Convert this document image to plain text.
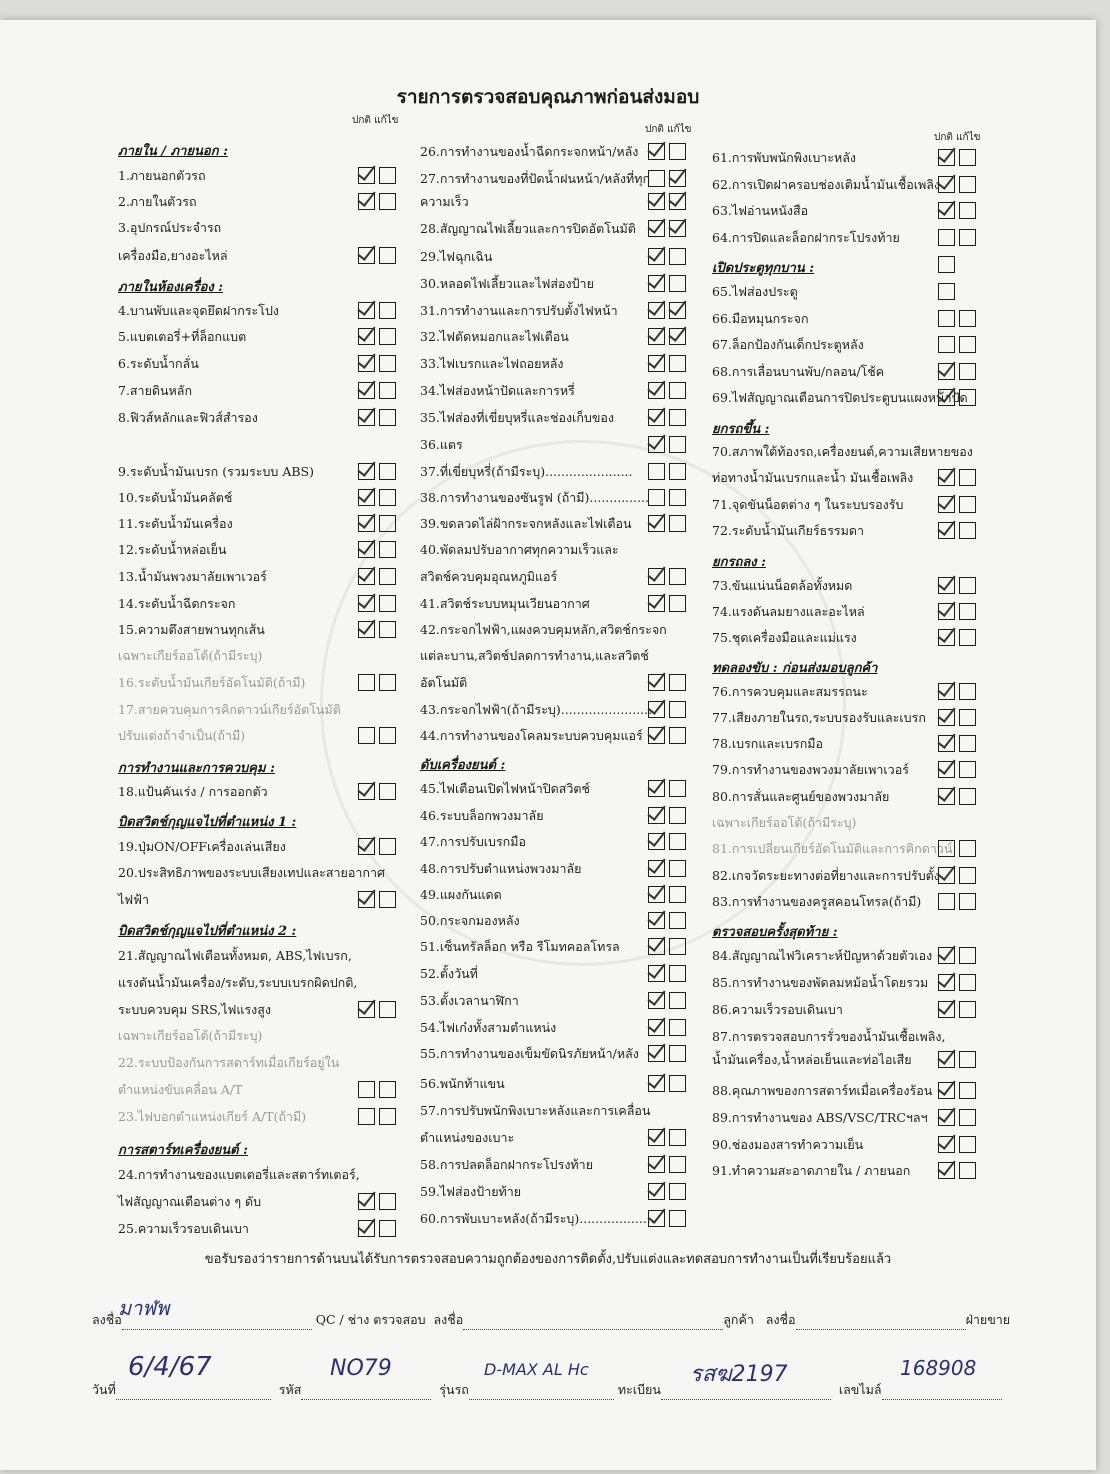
รายการตรวจสอบคุณภาพก่อนส่งมอบ
ปกติ แก้ไข
ปกติ แก้ไข
ปกติ แก้ไข
ภายใน / ภายนอก :
1.ภายนอกตัวรถ
2.ภายในตัวรถ
3.อุปกรณ์ประจำรถ
เครื่องมือ,ยางอะไหล่
ภายในห้องเครื่อง :
4.บานพับและจุดยึดฝากระโปง
5.แบตเตอรี่+ที่ล็อกแบต
6.ระดับน้ำกลั่น
7.สายดินหลัก
8.ฟิวส์หลักและฟิวส์สำรอง
9.ระดับน้ำมันเบรก (รวมระบบ ABS)
10.ระดับน้ำมันคลัตช์
11.ระดับน้ำมันเครื่อง
12.ระดับน้ำหล่อเย็น
13.น้ำมันพวงมาลัยเพาเวอร์
14.ระดับน้ำฉีดกระจก
15.ความตึงสายพานทุกเส้น
เฉพาะเกียร์ออโต้(ถ้ามีระบุ)
16.ระดับน้ำมันเกียร์อัตโนมัติ(ถ้ามี)
17.สายควบคุมการคิกดาวน์เกียร์อัตโนมัติ
ปรับแต่งถ้าจำเป็น(ถ้ามี)
การทำงานและการควบคุม :
18.แป้นคันเร่ง / การออกตัว
บิดสวิตช์กุญแจไปที่ตำแหน่ง 1 :
19.ปุ่มON/OFFเครื่องเล่นเสียง
20.ประสิทธิภาพของระบบเสียงเทปและสายอากาศ
ไฟฟ้า
บิดสวิตช์กุญแจไปที่ตำแหน่ง 2 :
21.สัญญาณไฟเตือนทั้งหมด, ABS,ไฟเบรก,
แรงดันน้ำมันเครื่อง/ระดับ,ระบบเบรกผิดปกติ,
ระบบควบคุม SRS,ไฟแรงสูง
เฉพาะเกียร์ออโต้(ถ้ามีระบุ)
22.ระบบป้องกันการสตาร์ทเมื่อเกียร์อยู่ใน
ตำแหน่งขับเคลื่อน A/T
23.ไฟบอกตำแหน่งเกียร์ A/T(ถ้ามี)
การสตาร์ทเครื่องยนต์ :
24.การทำงานของแบตเตอรี่และสตาร์ทเตอร์,
ไฟสัญญาณเตือนต่าง ๆ ดับ
25.ความเร็วรอบเดินเบา
26.การทำงานของน้ำฉีดกระจกหน้า/หลัง
27.การทำงานของที่ปัดน้ำฝนหน้า/หลังที่ทุก
ความเร็ว
28.สัญญาณไฟเลี้ยวและการปิดอัตโนมัติ
29.ไฟฉุกเฉิน
30.หลอดไฟเลี้ยวและไฟส่องป้าย
31.การทำงานและการปรับตั้งไฟหน้า
32.ไฟตัดหมอกและไฟเตือน
33.ไฟเบรกและไฟถอยหลัง
34.ไฟส่องหน้าปัดและการหรี่
35.ไฟส่องที่เขี่ยบุหรี่และช่องเก็บของ
36.แตร
37.ที่เขี่ยบุหรี่(ถ้ามีระบุ)......................
38.การทำงานของซันรูฟ (ถ้ามี)...............
39.ขดลวดไล่ฝ้ากระจกหลังและไฟเตือน
40.พัดลมปรับอากาศทุกความเร็วและ
สวิตช์ควบคุมอุณหภูมิแอร์
41.สวิตช์ระบบหมุนเวียนอากาศ
42.กระจกไฟฟ้า,แผงควบคุมหลัก,สวิตช์กระจก
แต่ละบาน,สวิตช์ปลดการทำงาน,และสวิตช์
อัตโนมัติ
43.กระจกไฟฟ้า(ถ้ามีระบุ).......................
44.การทำงานของโคลมระบบควบคุมแอร์
ดับเครื่องยนต์ :
45.ไฟเตือนเปิดไฟหน้าปิดสวิตช์
46.ระบบล็อกพวงมาลัย
47.การปรับเบรกมือ
48.การปรับตำแหน่งพวงมาลัย
49.แผงกันแดด
50.กระจกมองหลัง
51.เซ็นทรัลล็อก หรือ รีโมทคอลโทรล
52.ตั้งวันที่
53.ตั้งเวลานาฬิกา
54.ไฟเก๋งทั้งสามตำแหน่ง
55.การทำงานของเข็มขัดนิรภัยหน้า/หลัง
56.พนักท้าแขน
57.การปรับพนักพิงเบาะหลังและการเคลื่อน
ตำแหน่งของเบาะ
58.การปลดล็อกฝากระโปรงท้าย
59.ไฟส่องป้ายท้าย
60.การพับเบาะหลัง(ถ้ามีระบุ)...................
61.การพับพนักพิงเบาะหลัง
62.การเปิดฝาครอบช่องเติมน้ำมันเชื้อเพลิง
63.ไฟอ่านหนังสือ
64.การปิดและล็อกฝากระโปรงท้าย
เปิดประตูทุกบาน :
65.ไฟส่องประตู
66.มือหมุนกระจก
67.ล็อกป้องกันเด็กประตูหลัง
68.การเลื่อนบานพับ/กลอน/โช้ค
69.ไฟสัญญาณเตือนการปิดประตูบนแผงหน้าปัด
ยกรถขึ้น :
70.สภาพใต้ท้องรถ,เครื่องยนต์,ความเสียหายของ
ท่อทางน้ำมันเบรกและน้ำ มันเชื้อเพลิง
71.จุดขันน็อตต่าง ๆ ในระบบรองรับ
72.ระดับน้ำมันเกียร์ธรรมดา
ยกรถลง :
73.ขันแน่นน็อตล้อทั้งหมด
74.แรงดันลมยางและอะไหล่
75.ชุดเครื่องมือและแม่แรง
ทดลองขับ : ก่อนส่งมอบลูกค้า
76.การควบคุมและสมรรถนะ
77.เสียงภายในรถ,ระบบรองรับและเบรก
78.เบรกและเบรกมือ
79.การทำงานของพวงมาลัยเพาเวอร์
80.การสั่นและศูนย์ของพวงมาลัย
เฉพาะเกียร์ออโต้(ถ้ามีระบุ)
81.การเปลี่ยนเกียร์อัตโนมัติและการคิกดาวน์
82.เกจวัดระยะทางต่อที่ยางและการปรับตั้ง
83.การทำงานของครูสคอนโทรล(ถ้ามี)
ตรวจสอบครั้งสุดท้าย :
84.สัญญาณไฟวิเคราะห์ปัญหาด้วยตัวเอง
85.การทำงานของพัดลมหม้อน้ำโดยรวม
86.ความเร็วรอบเดินเบา
87.การตรวจสอบการรั่วของน้ำมันเชื้อเพลิง,
น้ำมันเครื่อง,น้ำหล่อเย็นและท่อไอเสีย
88.คุณภาพของการสตาร์ทเมื่อเครื่องร้อน
89.การทำงานของ ABS/VSC/TRCฯลฯ
90.ช่องมองสารทำความเย็น
91.ทำความสะอาดภายใน / ภายนอก
ขอรับรองว่ารายการด้านบนได้รับการตรวจสอบความถูกต้องของการติดตั้ง,ปรับแต่งและทดสอบการทำงานเป็นที่เรียบร้อยแล้ว
ลงชื่อ	QC / ช่าง ตรวจสอบ ลงชื่อ	ลูกค้า ลงชื่อ	ฝ่ายขาย
มาฬพ
วันที่	รหัส	รุ่นรถ	ทะเบียน	เลขไมล์
6/4/67	NO79	D-MAX AL Hc	รสฆ2197	168908
